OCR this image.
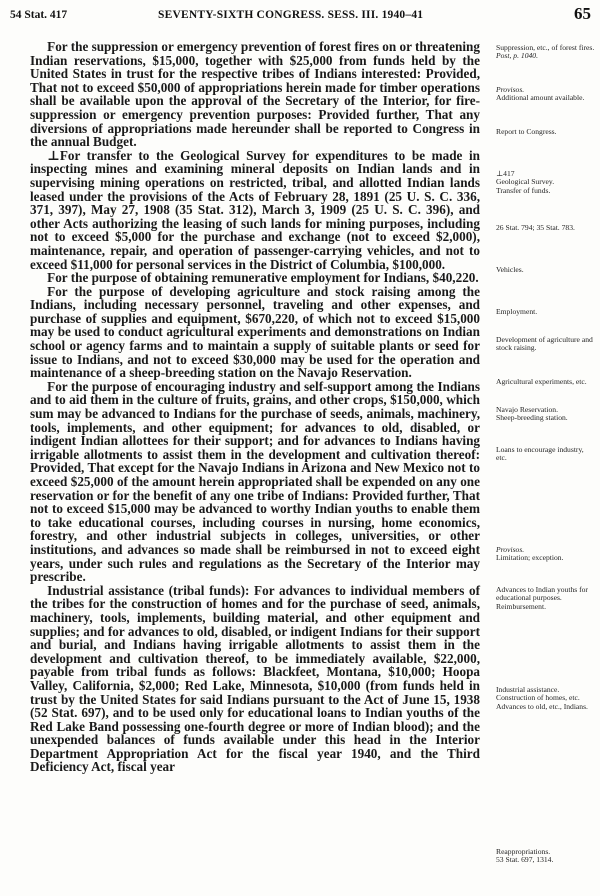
54 Stat. 417	SEVENTY-SIXTH CONGRESS. SESS. III. 1940–41	65

For the suppression or emergency prevention of forest fires on or threatening Indian reservations, $15,000, together with $25,000 from funds held by the United States in trust for the respective tribes of Indians interested: Provided, That not to exceed $50,000 of appropriations herein made for timber operations shall be available upon the approval of the Secretary of the Interior, for fire-suppression or emergency prevention purposes: Provided further, That any diversions of appropriations made hereunder shall be reported to Congress in the annual Budget.

⊥For transfer to the Geological Survey for expenditures to be made in inspecting mines and examining mineral deposits on Indian lands and in supervising mining operations on restricted, tribal, and allotted Indian lands leased under the provisions of the Acts of February 28, 1891 (25 U. S. C. 336, 371, 397), May 27, 1908 (35 Stat. 312), March 3, 1909 (25 U. S. C. 396), and other Acts authorizing the leasing of such lands for mining purposes, including not to exceed $5,000 for the purchase and exchange (not to exceed $2,000), maintenance, repair, and operation of passenger-carrying vehicles, and not to exceed $11,000 for personal services in the District of Columbia, $100,000.

For the purpose of obtaining remunerative employment for Indians, $40,220.

For the purpose of developing agriculture and stock raising among the Indians, including necessary personnel, traveling and other expenses, and purchase of supplies and equipment, $670,220, of which not to exceed $15,000 may be used to conduct agricultural experiments and demonstrations on Indian school or agency farms and to maintain a supply of suitable plants or seed for issue to Indians, and not to exceed $30,000 may be used for the operation and maintenance of a sheep-breeding station on the Navajo Reservation.

For the purpose of encouraging industry and self-support among the Indians and to aid them in the culture of fruits, grains, and other crops, $150,000, which sum may be advanced to Indians for the purchase of seeds, animals, machinery, tools, implements, and other equipment; for advances to old, disabled, or indigent Indian allottees for their support; and for advances to Indians having irrigable allotments to assist them in the development and cultivation thereof: Provided, That except for the Navajo Indians in Arizona and New Mexico not to exceed $25,000 of the amount herein appropriated shall be expended on any one reservation or for the benefit of any one tribe of Indians: Provided further, That not to exceed $15,000 may be advanced to worthy Indian youths to enable them to take educational courses, including courses in nursing, home economics, forestry, and other industrial subjects in colleges, universities, or other institutions, and advances so made shall be reimbursed in not to exceed eight years, under such rules and regulations as the Secretary of the Interior may prescribe.

Industrial assistance (tribal funds): For advances to individual members of the tribes for the construction of homes and for the purchase of seed, animals, machinery, tools, implements, building material, and other equipment and supplies; and for advances to old, disabled, or indigent Indians for their support and burial, and Indians having irrigable allotments to assist them in the development and cultivation thereof, to be immediately available, $22,000, payable from tribal funds as follows: Blackfeet, Montana, $10,000; Hoopa Valley, California, $2,000; Red Lake, Minnesota, $10,000 (from funds held in trust by the United States for said Indians pursuant to the Act of June 15, 1938 (52 Stat. 697), and to be used only for educational loans to Indian youths of the Red Lake Band possessing one-fourth degree or more of Indian blood); and the unexpended balances of funds available under this head in the Interior Department Appropriation Act for the fiscal year 1940, and the Third Deficiency Act, fiscal year

Suppression, etc., of forest fires.
Post, p. 1040.
Provisos.
Additional amount available.
Report to Congress.
⊥417
Geological Survey.
Transfer of funds.
26 Stat. 794; 35 Stat. 783.
Vehicles.
Employment.
Development of agriculture and stock raising.
Agricultural experiments, etc.
Navajo Reservation.
Sheep-breeding station.
Loans to encourage industry, etc.
Provisos.
Limitation; exception.
Advances to Indian youths for educational purposes.
Reimbursement.
Industrial assistance.
Construction of homes, etc.
Advances to old, etc., Indians.
Reappropriations.
53 Stat. 697, 1314.
